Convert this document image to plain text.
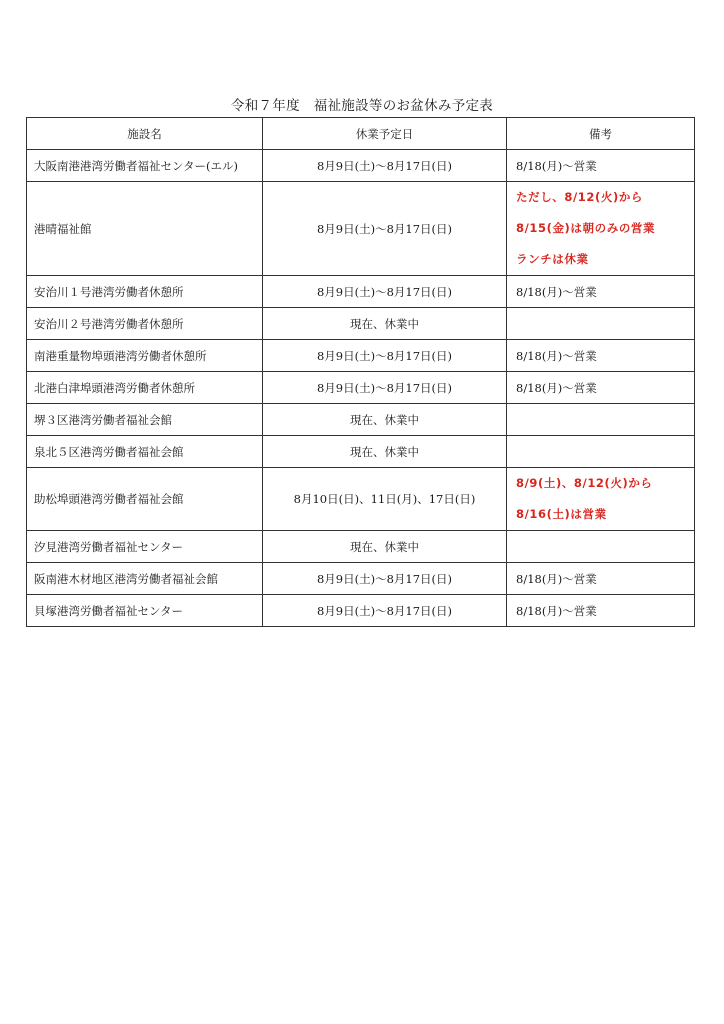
令和７年度　福祉施設等のお盆休み予定表
施設名	休業予定日	備考
大阪南港港湾労働者福祉センター(エル)	8月9日(土)～8月17日(日)	8/18(月)～営業
港晴福祉館	8月9日(土)～8月17日(日)	ただし、8/12(火)から
8/15(金)は朝のみの営業
ランチは休業

安治川１号港湾労働者休憩所	8月9日(土)～8月17日(日)	8/18(月)～営業
安治川２号港湾労働者休憩所	現在、休業中	
南港重量物埠頭港湾労働者休憩所	8月9日(土)～8月17日(日)	8/18(月)～営業
北港白津埠頭港湾労働者休憩所	8月9日(土)～8月17日(日)	8/18(月)～営業
堺３区港湾労働者福祉会館	現在、休業中	
泉北５区港湾労働者福祉会館	現在、休業中	
助松埠頭港湾労働者福祉会館	8月10日(日)、11日(月)、17日(日)	8/9(土)、8/12(火)から
8/16(土)は営業

汐見港湾労働者福祉センター	現在、休業中	
阪南港木材地区港湾労働者福祉会館	8月9日(土)～8月17日(日)	8/18(月)～営業
貝塚港湾労働者福祉センター	8月9日(土)～8月17日(日)	8/18(月)～営業
